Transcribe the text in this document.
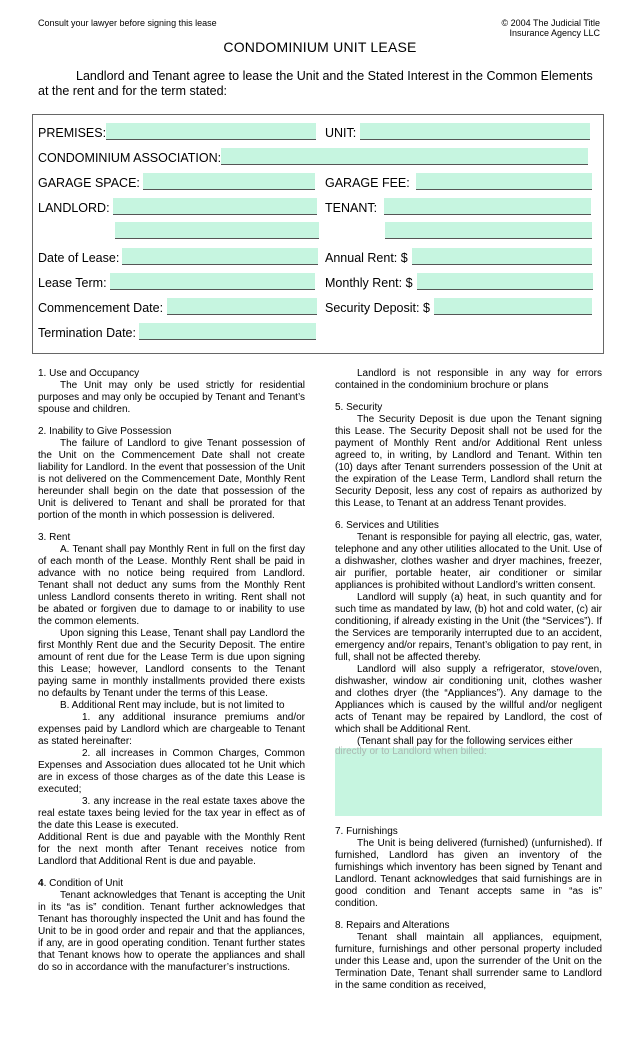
Consult your lawyer before signing this lease	© 2004 The Judicial Title
Insurance Agency LLC
CONDOMINIUM UNIT LEASE
Landlord and Tenant agree to lease the Unit and the Stated Interest in the Common Elements at the rent and for the term stated:
PREMISES:	UNIT:
CONDOMINIUM ASSOCIATION:
GARAGE SPACE:	GARAGE FEE:
LANDLORD:	TENANT:
Date of Lease:	Annual Rent: $
Lease Term:	Monthly Rent: $
Commencement Date:	Security Deposit: $
Termination Date:

1. Use and Occupancy

The Unit may only be used strictly for residential purposes and may only be occupied by Tenant and Tenant’s spouse and children.

2. Inability to Give Possession

The failure of Landlord to give Tenant possession of the Unit on the Commencement Date shall not create liability for Landlord. In the event that possession of the Unit is not delivered on the Commencement Date, Monthly Rent hereunder shall begin on the date that possession of the Unit is delivered to Tenant and shall be prorated for that portion of the month in which possession is delivered.

3. Rent

A. Tenant shall pay Monthly Rent in full on the first day of each month of the Lease. Monthly Rent shall be paid in advance with no notice being required from Landlord. Tenant shall not deduct any sums from the Monthly Rent unless Landlord consents thereto in writing. Rent shall not be abated or forgiven due to damage to or inability to use the common elements.

Upon signing this Lease, Tenant shall pay Landlord the first Monthly Rent due and the Security Deposit. The entire amount of rent due for the Lease Term is due upon signing this Lease; however, Landlord consents to the Tenant paying same in monthly installments provided there exists no defaults by Tenant under the terms of this Lease.

B. Additional Rent may include, but is not limited to

1. any additional insurance premiums and/or expenses paid by Landlord which are chargeable to Tenant as stated hereinafter:

2. all increases in Common Charges, Common Expenses and Association dues allocated tot he Unit which are in excess of those charges as of the date this Lease is executed;

3. any increase in the real estate taxes above the real estate taxes being levied for the tax year in effect as of the date this Lease is executed.

Additional Rent is due and payable with the Monthly Rent for the next month after Tenant receives notice from Landlord that Additional Rent is due and payable.

4. Condition of Unit

Tenant acknowledges that Tenant is accepting the Unit in its “as is” condition. Tenant further acknowledges that Tenant has thoroughly inspected the Unit and has found the Unit to be in good order and repair and that the appliances, if any, are in good operating condition. Tenant further states that Tenant knows how to operate the appliances and shall do so in accordance with the manufacturer’s instructions.

Landlord is not responsible in any way for errors contained in the condominium brochure or plans

5. Security

The Security Deposit is due upon the Tenant signing this Lease. The Security Deposit shall not be used for the payment of Monthly Rent and/or Additional Rent unless agreed to, in writing, by Landlord and Tenant. Within ten (10) days after Tenant surrenders possession of the Unit at the expiration of the Lease Term, Landlord shall return the Security Deposit, less any cost of repairs as authorized by this Lease, to Tenant at an address Tenant provides.

6. Services and Utilities

Tenant is responsible for paying all electric, gas, water, telephone and any other utilities allocated to the Unit. Use of a dishwasher, clothes washer and dryer machines, freezer, air purifier, portable heater, air conditioner or similar appliances is prohibited without Landlord’s written consent.

Landlord will supply (a) heat, in such quantity and for such time as mandated by law, (b) hot and cold water, (c) air conditioning, if already existing in the Unit (the “Services”). If the Services are temporarily interrupted due to an accident, emergency and/or repairs, Tenant’s obligation to pay rent, in full, shall not be affected thereby.

Landlord will also supply a refrigerator, stove/oven, dishwasher, window air conditioning unit, clothes washer and clothes dryer (the “Appliances”). Any damage to the Appliances which is caused by the willful and/or negligent acts of Tenant may be repaired by Landlord, the cost of which shall be Additional Rent.

(Tenant shall pay for the following services either

directly or to Landlord when billed:

7. Furnishings

The Unit is being delivered (furnished) (unfurnished). If furnished, Landlord has given an inventory of the furnishings which inventory has been signed by Tenant and Landlord. Tenant acknowledges that said furnishings are in good condition and Tenant accepts same in “as is” condition.

8. Repairs and Alterations

Tenant shall maintain all appliances, equipment, furniture, furnishings and other personal property included under this Lease and, upon the surrender of the Unit on the Termination Date, Tenant shall surrender same to Landlord in the same condition as received,
